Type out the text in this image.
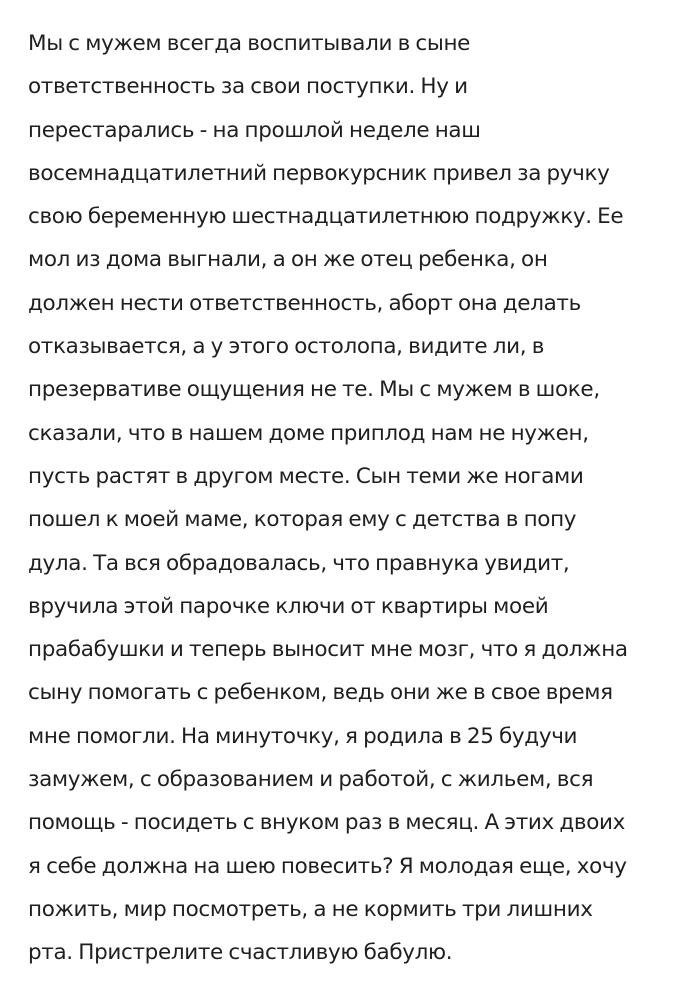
Мы с мужем всегда воспитывали в сыне
ответственность за свои поступки. Ну и
перестарались - на прошлой неделе наш
восемнадцатилетний первокурсник привел за ручку
свою беременную шестнадцатилетнюю подружку. Ее
мол из дома выгнали, а он же отец ребенка, он
должен нести ответственность, аборт она делать
отказывается, а у этого остолопа, видите ли, в
презервативе ощущения не те. Мы с мужем в шоке,
сказали, что в нашем доме приплод нам не нужен,
пусть растят в другом месте. Сын теми же ногами
пошел к моей маме, которая ему с детства в попу
дула. Та вся обрадовалась, что правнука увидит,
вручила этой парочке ключи от квартиры моей
прабабушки и теперь выносит мне мозг, что я должна
сыну помогать с ребенком, ведь они же в свое время
мне помогли. На минуточку, я родила в 25 будучи
замужем, с образованием и работой, с жильем, вся
помощь - посидеть с внуком раз в месяц. А этих двоих
я себе должна на шею повесить? Я молодая еще, хочу
пожить, мир посмотреть, а не кормить три лишних
рта. Пристрелите счастливую бабулю.
